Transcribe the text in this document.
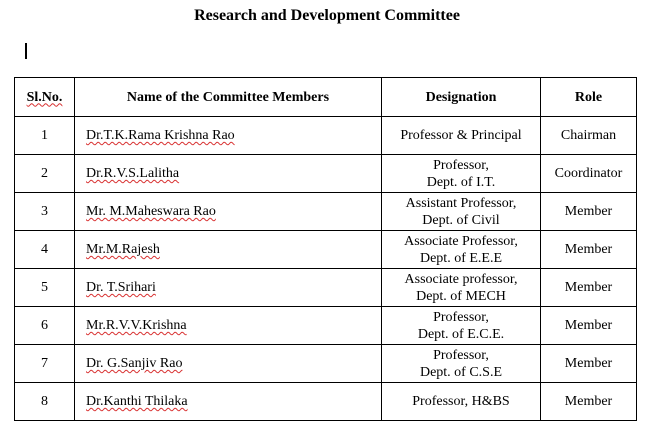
Research and Development Committee
Sl.No.	Name of the Committee Members	Designation	Role
1	Dr.T.K.Rama Krishna Rao	Professor & Principal	Chairman
2	Dr.R.V.S.Lalitha	Professor,
Dept. of I.T.	Coordinator
3	Mr. M.Maheswara Rao	Assistant Professor,
Dept. of Civil	Member
4	Mr.M.Rajesh	Associate Professor,
Dept. of E.E.E	Member
5	Dr. T.Srihari	Associate professor,
Dept. of MECH	Member
6	Mr.R.V.V.Krishna	Professor,
Dept. of E.C.E.	Member
7	Dr. G.Sanjiv Rao	Professor,
Dept. of C.S.E	Member
8	Dr.Kanthi Thilaka	Professor, H&BS	Member
